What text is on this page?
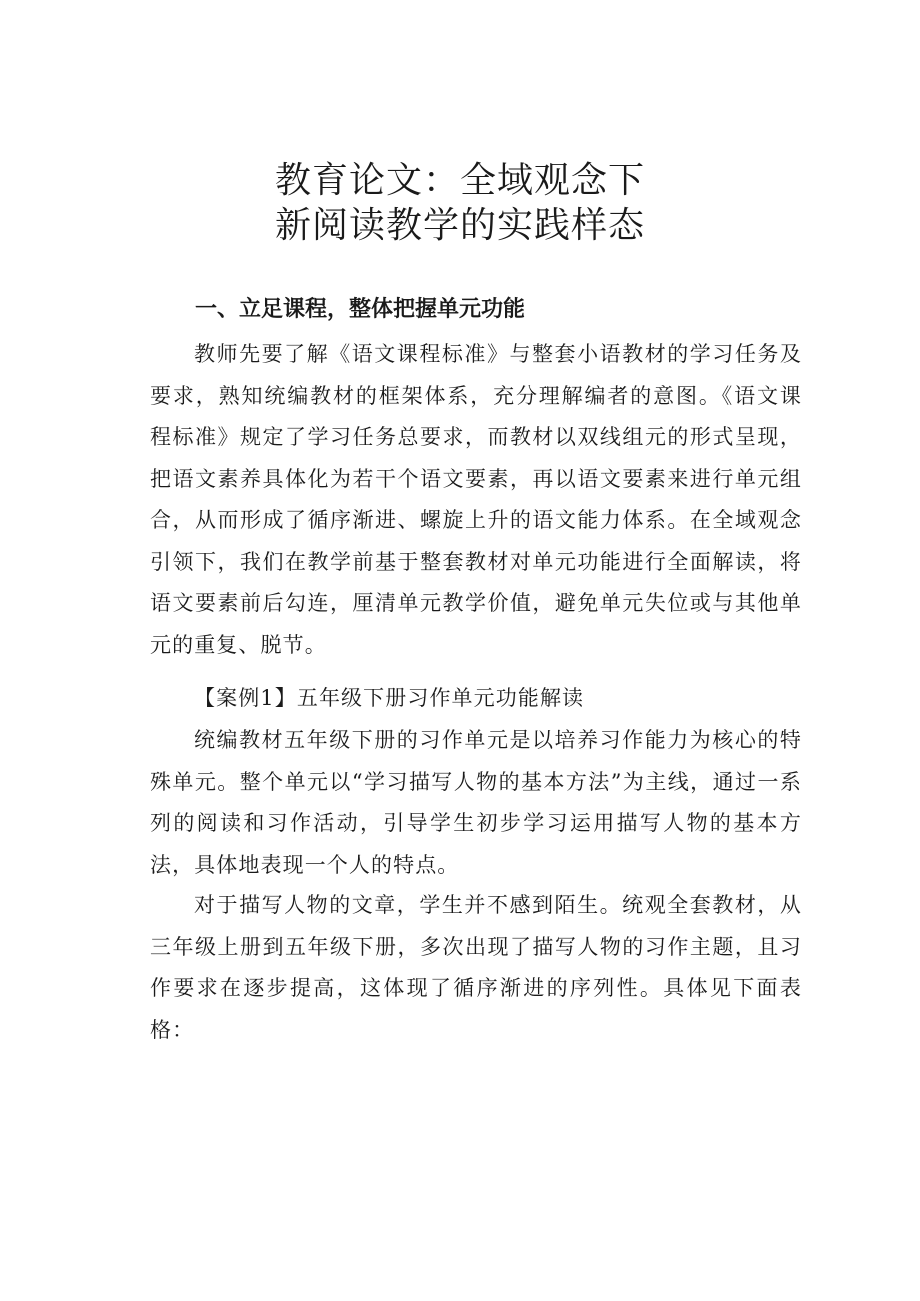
教育论文：全域观念下
新阅读教学的实践样态
一、立足课程，整体把握单元功能

教师先要了解《语文课程标准》与整套小语教材的学习任务及要求，熟知统编教材的框架体系，充分理解编者的意图。《语文课程标准》规定了学习任务总要求，而教材以双线组元的形式呈现，把语文素养具体化为若干个语文要素，再以语文要素来进行单元组合，从而形成了循序渐进、螺旋上升的语文能力体系。在全域观念引领下，我们在教学前基于整套教材对单元功能进行全面解读，将语文要素前后勾连，厘清单元教学价值，避免单元失位或与其他单元的重复、脱节。

【案例1】五年级下册习作单元功能解读

统编教材五年级下册的习作单元是以培养习作能力为核心的特殊单元。整个单元以“学习描写人物的基本方法”为主线，通过一系列的阅读和习作活动，引导学生初步学习运用描写人物的基本方法，具体地表现一个人的特点。

对于描写人物的文章，学生并不感到陌生。统观全套教材，从三年级上册到五年级下册，多次出现了描写人物的习作主题，且习作要求在逐步提高，这体现了循序渐进的序列性。具体见下面表格：
